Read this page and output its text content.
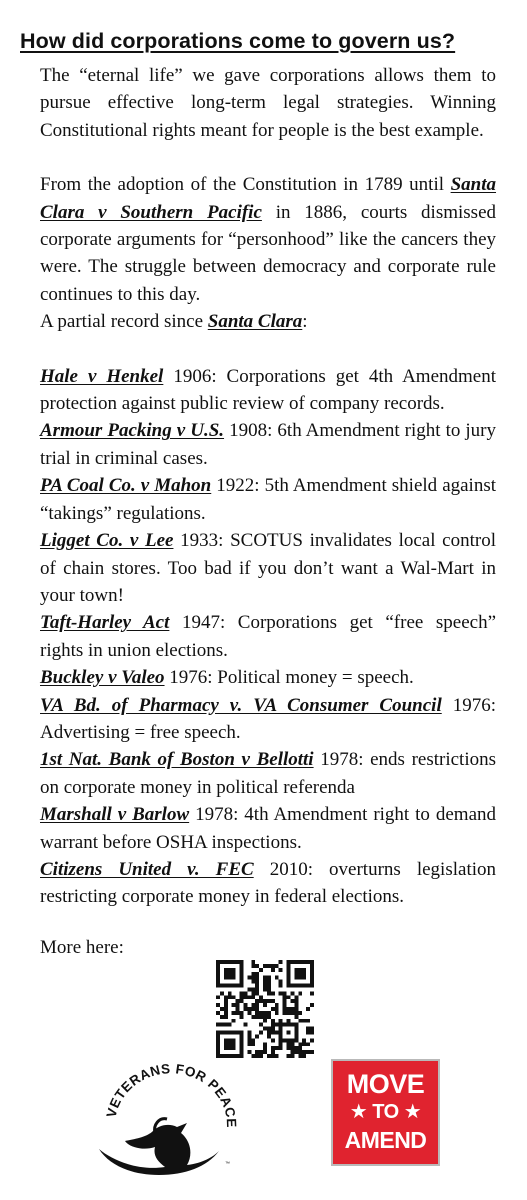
How did corporations come to govern us?

The “eternal life” we gave corporations allows them to pursue effective long-term legal strategies. Winning Constitutional rights meant for people is the best example.

From the adoption of the Constitution in 1789 until Santa Clara v Southern Pacific in 1886, courts dismissed corporate arguments for “personhood” like the cancers they were. The struggle between democracy and corporate rule continues to this day.

A partial record since Santa Clara:

Hale v Henkel 1906: Corporations get 4th Amendment protection against public review of company records.

Armour Packing v U.S. 1908: 6th Amendment right to jury trial in criminal cases.

PA Coal Co. v Mahon 1922: 5th Amendment shield against “takings” regulations.

Ligget Co. v Lee 1933: SCOTUS invalidates local control of chain stores. Too bad if you don’t want a Wal-Mart in your town!

Taft-Harley Act 1947: Corporations get “free speech” rights in union elections.

Buckley v Valeo 1976: Political money = speech.

VA Bd. of Pharmacy v. VA Consumer Council 1976: Advertising = free speech.

1st Nat. Bank of Boston v Bellotti 1978: ends restrictions on corporate money in political referenda

Marshall v Barlow 1978: 4th Amendment right to demand warrant before OSHA inspections.

Citizens United v. FEC 2010: overturns legislation restricting corporate money in federal elections.

More here:
VETERANS FOR PEACE
™
MOVE
★ TO ★
AMEND
